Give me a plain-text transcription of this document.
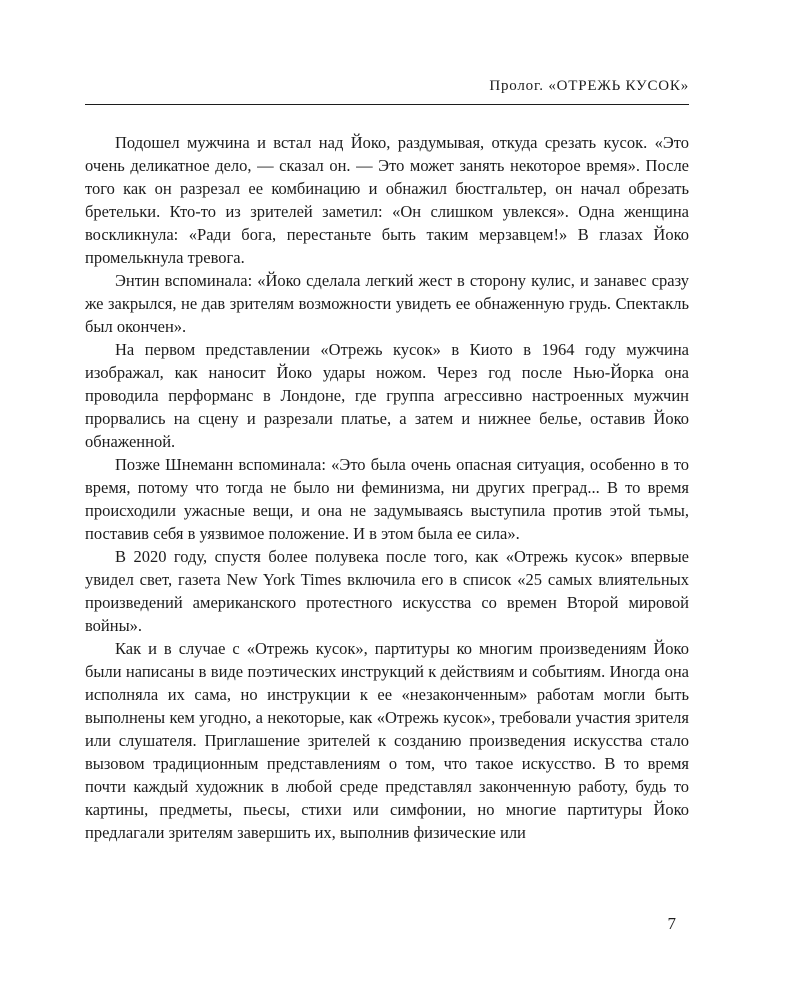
Пролог. «ОТРЕЖЬ КУСОК»

Подошел мужчина и встал над Йоко, раздумывая, откуда срезать кусок. «Это очень деликатное дело, — сказал он. — Это может занять некоторое время». После того как он разрезал ее комбинацию и обнажил бюстгальтер, он начал обрезать бретельки. Кто-то из зрителей заметил: «Он слишком увлекся». Одна женщина воскликнула: «Ради бога, перестаньте быть таким мерзавцем!» В глазах Йоко промелькнула тревога.

Энтин вспоминала: «Йоко сделала легкий жест в сторону кулис, и занавес сразу же закрылся, не дав зрителям возможности увидеть ее обнаженную грудь. Спектакль был окончен».

На первом представлении «Отрежь кусок» в Киото в 1964 году мужчина изображал, как наносит Йоко удары ножом. Через год после Нью-Йорка она проводила перформанс в Лондоне, где группа агрессивно настроенных мужчин прорвались на сцену и разрезали платье, а затем и нижнее белье, оставив Йоко обнаженной.

Позже Шнеманн вспоминала: «Это была очень опасная ситуация, особенно в то время, потому что тогда не было ни феминизма, ни других преград... В то время происходили ужасные вещи, и она не задумываясь выступила против этой тьмы, поставив себя в уязвимое положение. И в этом была ее сила».

В 2020 году, спустя более полувека после того, как «Отрежь кусок» впервые увидел свет, газета New York Times включила его в список «25 самых влиятельных произведений американского протестного искусства со времен Второй мировой войны».

Как и в случае с «Отрежь кусок», партитуры ко многим произведениям Йоко были написаны в виде поэтических инструкций к действиям и событиям. Иногда она исполняла их сама, но инструкции к ее «незаконченным» работам могли быть выполнены кем угодно, а некоторые, как «Отрежь кусок», требовали участия зрителя или слушателя. Приглашение зрителей к созданию произведения искусства стало вызовом традиционным представлениям о том, что такое искусство. В то время почти каждый художник в любой среде представлял законченную работу, будь то картины, предметы, пьесы, стихи или симфонии, но многие партитуры Йоко предлагали зрителям завершить их, выполнив физические или

7
